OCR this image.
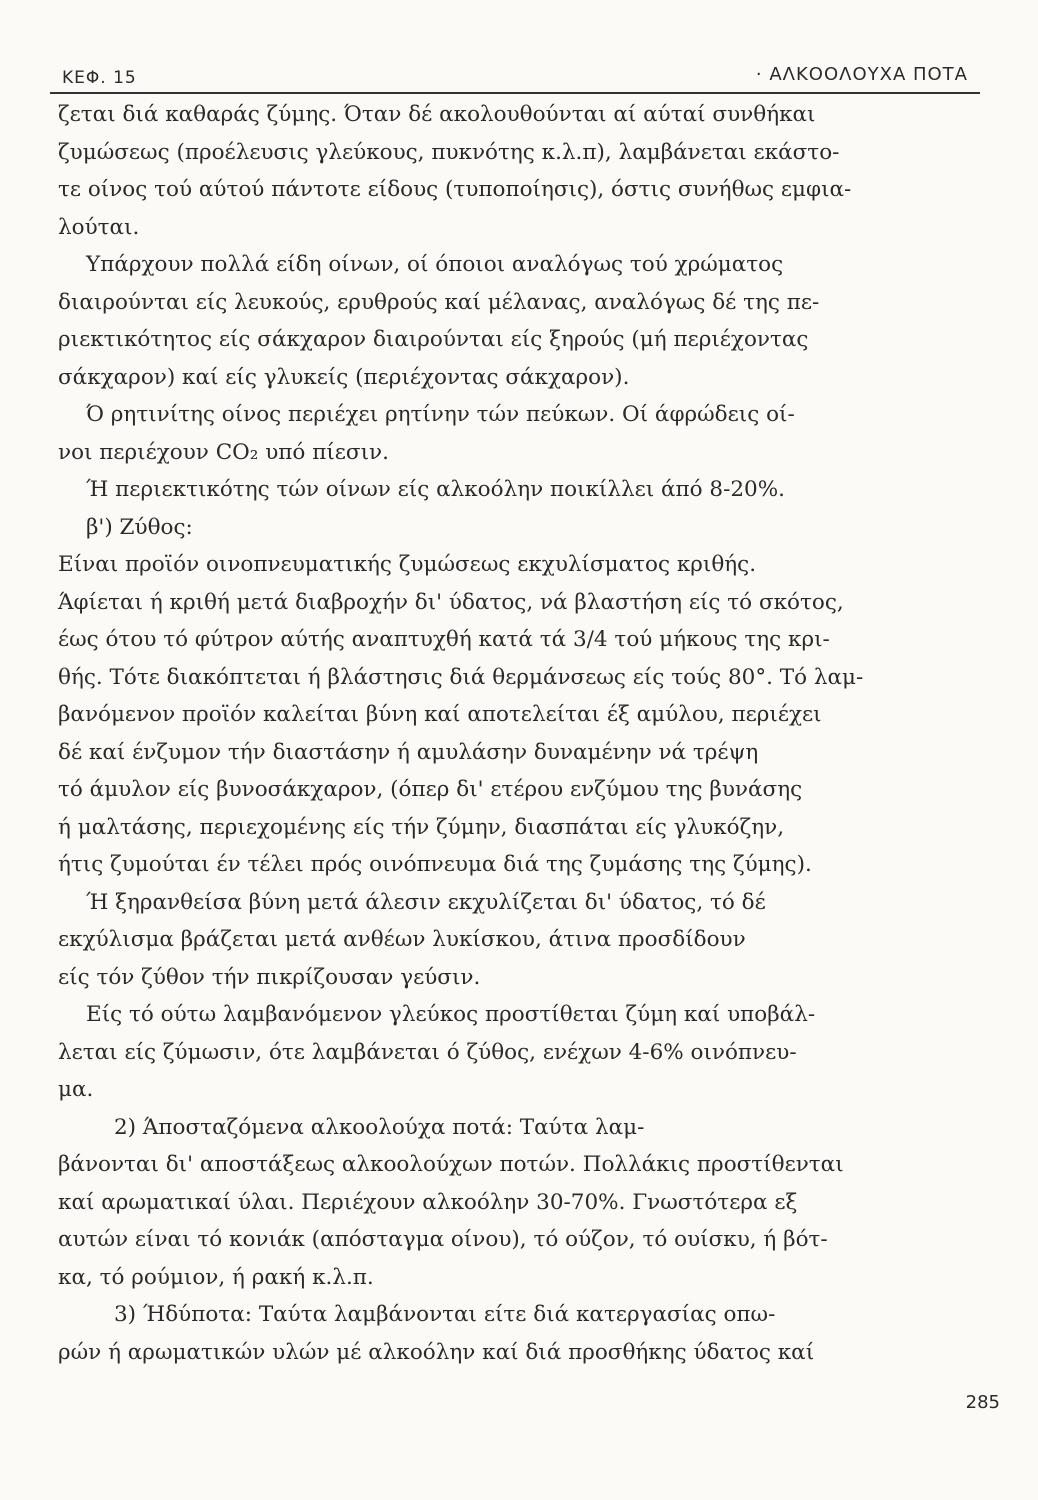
ΚΕΦ. 15	· ΑΛΚΟΟΛΟΥΧΑ ΠΟΤΑ
ζεται διά καθαράς ζύμης. Όταν δέ ακολουθούνται αί αύταί συνθήκαι
ζυμώσεως (προέλευσις γλεύκους, πυκνότης κ.λ.π), λαμβάνεται εκάστο-
τε οίνος τού αύτού πάντοτε είδους (τυποποίησις), όστις συνήθως εμφια-
λούται.
Υπάρχουν πολλά είδη οίνων, οί όποιοι αναλόγως τού χρώματος
διαιρούνται είς λευκούς, ερυθρούς καί μέλανας, αναλόγως δέ της πε-
ριεκτικότητος είς σάκχαρον διαιρούνται είς ξηρούς (μή περιέχοντας
σάκχαρον) καί είς γλυκείς (περιέχοντας σάκχαρον).
Ό ρητινίτης οίνος περιέχει ρητίνην τών πεύκων. Οί άφρώδεις οί-
νοι περιέχουν CO₂ υπό πίεσιν.
Ή περιεκτικότης τών οίνων είς αλκοόλην ποικίλλει άπό 8-20%.
β') Ζύθος:
Είναι προϊόν οινοπνευματικής ζυμώσεως εκχυλίσματος κριθής.
Άφίεται ή κριθή μετά διαβροχήν δι' ύδατος, νά βλαστήση είς τό σκότος,
έως ότου τό φύτρον αύτής αναπτυχθή κατά τά 3/4 τού μήκους της κρι-
θής. Τότε διακόπτεται ή βλάστησις διά θερμάνσεως είς τούς 80°. Τό λαμ-
βανόμενον προϊόν καλείται βύνη καί αποτελείται έξ αμύλου, περιέχει
δέ καί ένζυμον τήν διαστάσην ή αμυλάσην δυναμένην νά τρέψη
τό άμυλον είς βυνοσάκχαρον, (όπερ δι' ετέρου ενζύμου της βυνάσης
ή μαλτάσης, περιεχομένης είς τήν ζύμην, διασπάται είς γλυκόζην,
ήτις ζυμούται έν τέλει πρός οινόπνευμα διά της ζυμάσης της ζύμης).
Ή ξηρανθείσα βύνη μετά άλεσιν εκχυλίζεται δι' ύδατος, τό δέ
εκχύλισμα βράζεται μετά ανθέων λυκίσκου, άτινα προσδίδουν
είς τόν ζύθον τήν πικρίζουσαν γεύσιν.
Είς τό ούτω λαμβανόμενον γλεύκος προστίθεται ζύμη καί υποβάλ-
λεται είς ζύμωσιν, ότε λαμβάνεται ό ζύθος, ενέχων 4-6% οινόπνευ-
μα.
2) Άποσταζόμενα αλκοολούχα ποτά: Ταύτα λαμ-
βάνονται δι' αποστάξεως αλκοολούχων ποτών. Πολλάκις προστίθενται
καί αρωματικαί ύλαι. Περιέχουν αλκοόλην 30-70%. Γνωστότερα εξ
αυτών είναι τό κονιάκ (απόσταγμα οίνου), τό ούζον, τό ουίσκυ, ή βότ-
κα, τό ρούμιον, ή ρακή κ.λ.π.
3) Ήδύποτα: Ταύτα λαμβάνονται είτε διά κατεργασίας οπω-
ρών ή αρωματικών υλών μέ αλκοόλην καί διά προσθήκης ύδατος καί
285
